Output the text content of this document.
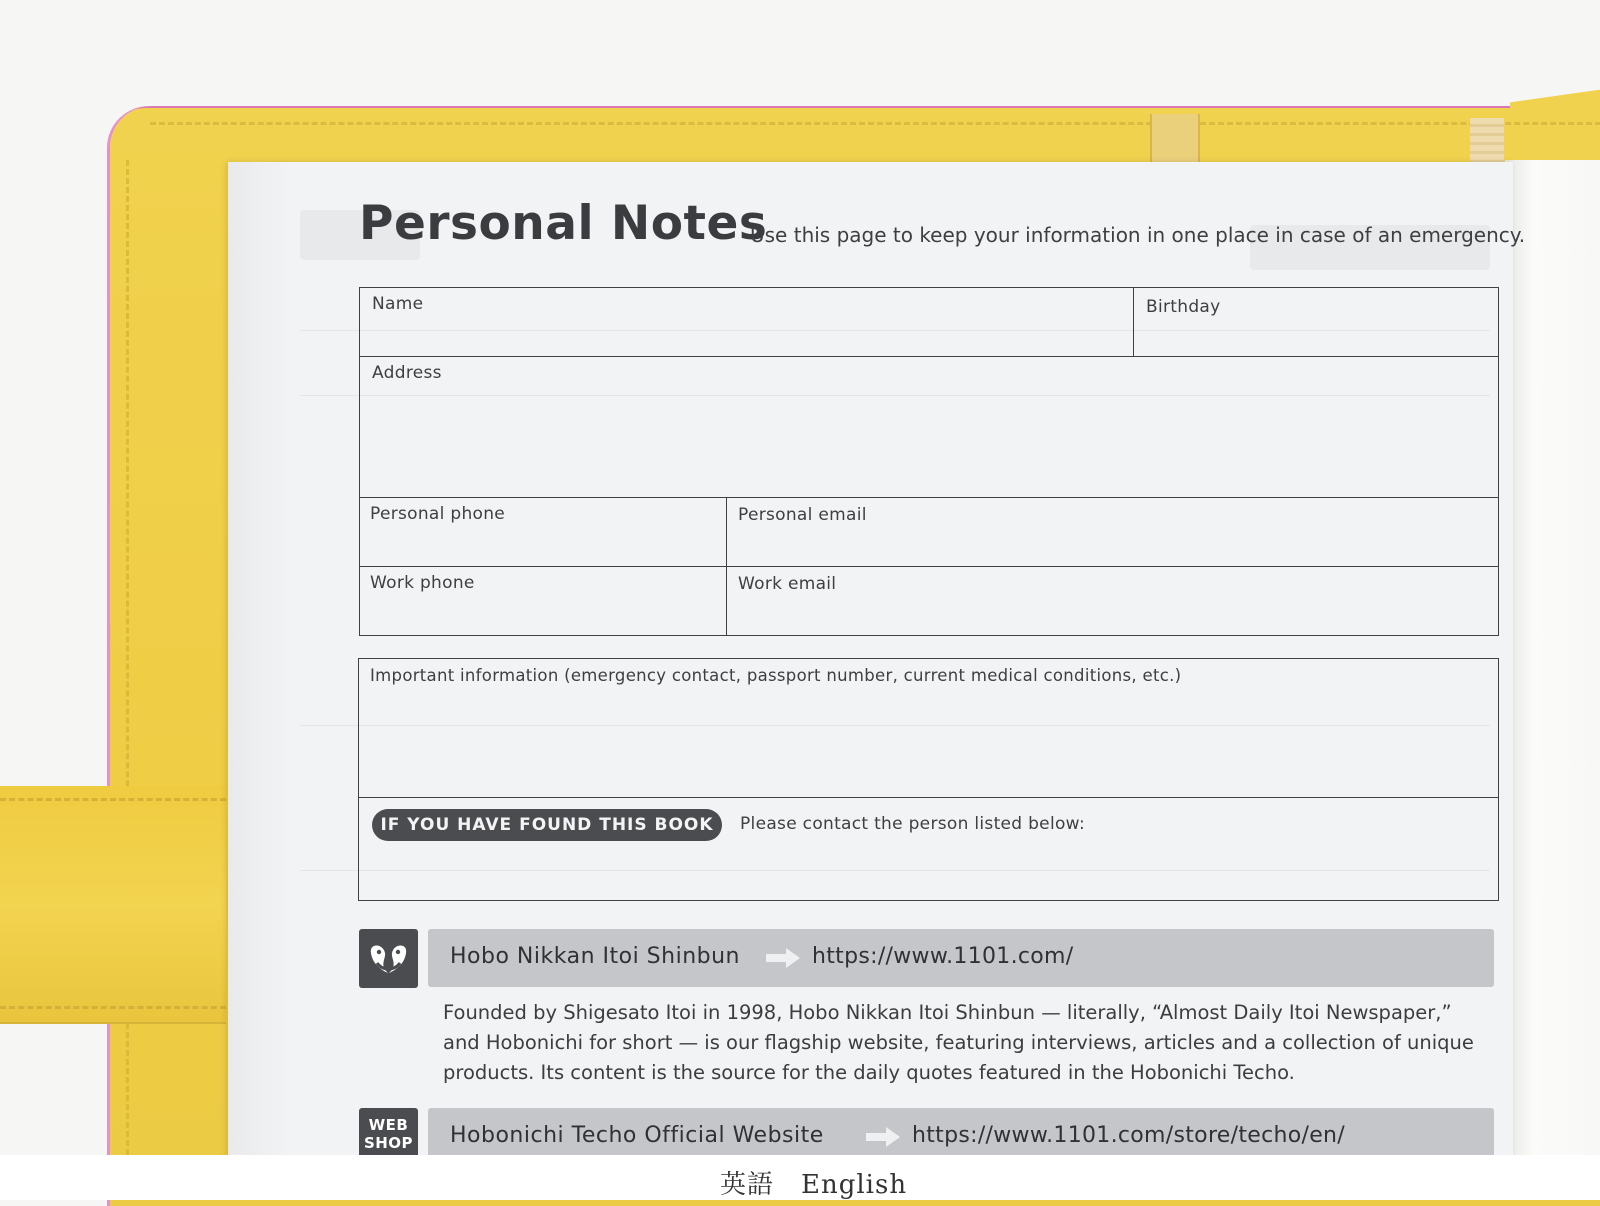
Personal Notes
Use this page to keep your information in one place in case of an emergency.
Name	Birthday
Address
Personal phone	Personal email
Work phone	Work email
Important information (emergency contact, passport number, current medical conditions, etc.)
IF YOU HAVE FOUND THIS BOOK	Please contact the person listed below:
Hobo Nikkan Itoi Shinbun	https://www.1101.com/
Founded by Shigesato Itoi in 1998, Hobo Nikkan Itoi Shinbun — literally, “Almost Daily Itoi Newspaper,” and Hobonichi for short — is our flagship website, featuring interviews, articles and a collection of unique products. Its content is the source for the daily quotes featured in the Hobonichi Techo.
WEB
SHOP Hobonichi Techo Official Website	https://www.1101.com/store/techo/en/
英語　English
